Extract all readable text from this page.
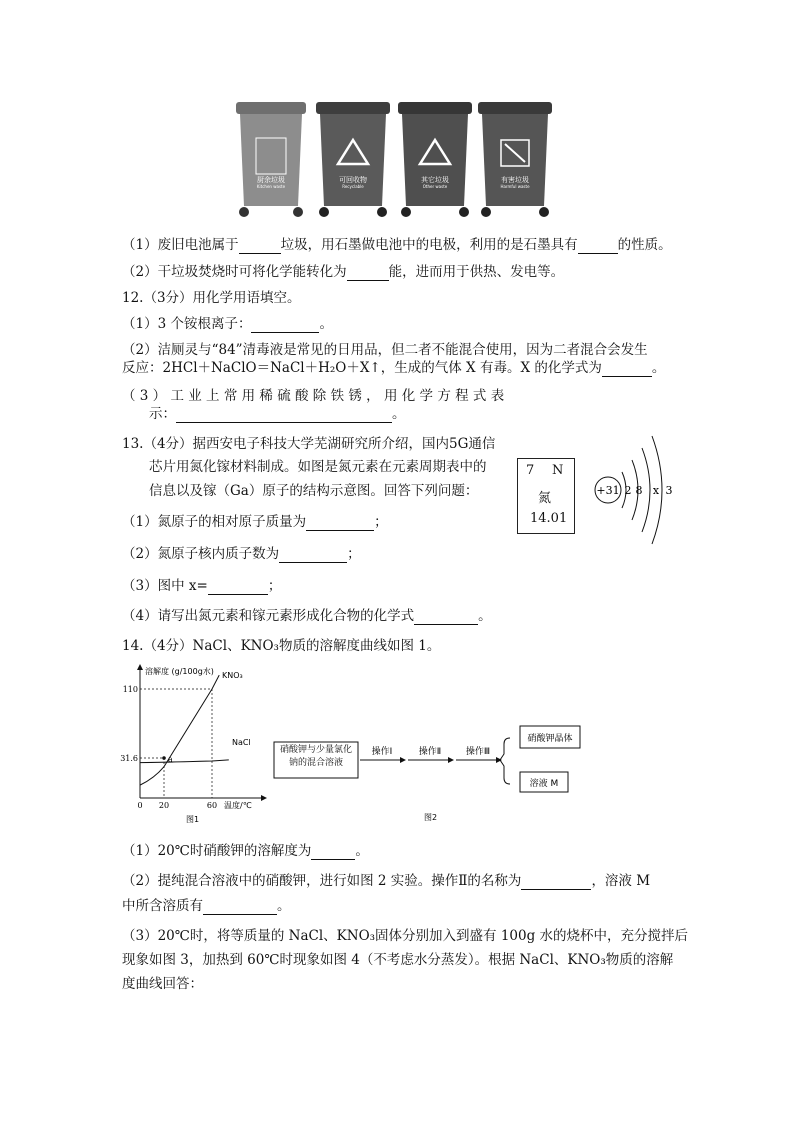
厨余垃圾
Kitchen waste
可回收物
Recyclable
其它垃圾
Other waste
有害垃圾
Harmful waste
（1）废旧电池属于	垃圾，用石墨做电池中的电极，利用的是石墨具有	的性质。
（2）干垃圾焚烧时可将化学能转化为	能，进而用于供热、发电等。
12.（3分）用化学用语填空。
（1）3 个铵根离子：	。
（2）洁厕灵与“84”清毒液是常见的日用品，但二者不能混合使用，因为二者混合会发生
反应：2HCl＋NaClO＝NaCl＋H₂O＋X↑，生成的气体 X 有毒。X 的化学式为	。
（ 3 ） 工 业 上 常 用 稀 硫 酸 除 铁 锈 ， 用 化 学 方 程 式 表
示：	。
13.（4分）据西安电子科技大学芜湖研究所介绍，国内5G通信
芯片用氮化镓材料制成。如图是氮元素在元素周期表中的
信息以及镓（Ga）原子的结构示意图。回答下列问题：
7 N
氮
14.01
+31 2 8 x 3
（1）氮原子的相对原子质量为	；
（2）氮原子核内质子数为	；
（3）图中 x=	；
（4）请写出氮元素和镓元素形成化合物的化学式	。
14.（4分）NaCl、KNO₃物质的溶解度曲线如图 1。
溶解度 (g/100g水)
温度/℃
110
31.6
0 20	60
a
KNO₃
NaCl
图1
硝酸钾与少量氯化钠的混合溶液
操作Ⅰ	操作Ⅱ	操作Ⅲ
硝酸钾晶体
溶液 M
图2
（1）20℃时硝酸钾的溶解度为	。
（2）提纯混合溶液中的硝酸钾，进行如图 2 实验。操作Ⅱ的名称为	，溶液 M
中所含溶质有	。
（3）20℃时，将等质量的 NaCl、KNO₃固体分别加入到盛有 100g 水的烧杯中，充分搅拌后
现象如图 3，加热到 60℃时现象如图 4（不考虑水分蒸发）。根据 NaCl、KNO₃物质的溶解
度曲线回答：
